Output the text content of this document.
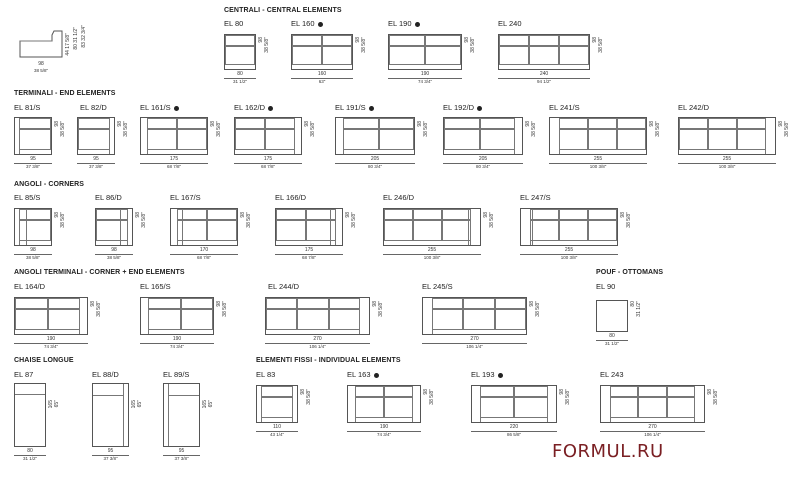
CENTRALI - CENTRAL ELEMENTS
TERMINALI - END ELEMENTS
ANGOLI - CORNERS
ANGOLI TERMINALI - CORNER + END ELEMENTS	POUF - OTTOMANS
CHAISE LONGUE	ELEMENTI FISSI - INDIVIDUAL ELEMENTS
44 17 5/8" 80 31 1/2"
83 32 3/4"
98
38 5/8"
EL 80
80
31 1/2"
98 38 5/8"
EL 160
160
63"
98 38 5/8"
EL 190
190
74 3/4"
98 38 5/8"
EL 240
240
94 1/2"
98 38 5/8"
EL 81/S
95
37 3/8"
98 38 5/8"
EL 82/D
95
37 3/8"
98 38 5/8"
EL 161/S
175
68 7/8"
98 38 5/8"
EL 162/D
175
68 7/8"
98 38 5/8"
EL 191/S
205
80 3/4"
98 38 5/8"
EL 192/D
205
80 3/4"
98 38 5/8"
EL 241/S
255
100 3/8"
98 38 5/8"
EL 242/D
255
100 3/8"
98 38 5/8"
EL 85/S
98
38 5/8"
98 38 5/8"
EL 86/D
98
38 5/8"
98 38 5/8"
EL 167/S
170
68 7/8"
98 38 5/8"
EL 166/D
175
68 7/8"
98 38 5/8"
EL 246/D
255
100 3/8"
98 38 5/8"
EL 247/S
255
100 3/8"
98 38 5/8"
EL 164/D
190
74 3/4"
98 38 5/8"
EL 165/S
190
74 3/4"
98 38 5/8"
EL 244/D
270
106 1/4"
98 38 5/8"
EL 245/S
270
106 1/4"
98 38 5/8"
EL 90
80
31 1/2"
80 31 1/2"
EL 87
80
31 1/2"
165 65"
EL 88/D
95
37 3/8"
165 65"
EL 89/S
95
37 3/8"
165 65"
EL 83
110
43 1/4"
98 38 5/8"
EL 163
190
74 3/4"
98 38 5/8"
EL 193
220
86 5/8"
98 38 5/8"
EL 243
270
106 1/4"
98 38 5/8"
FORMUL.RU
